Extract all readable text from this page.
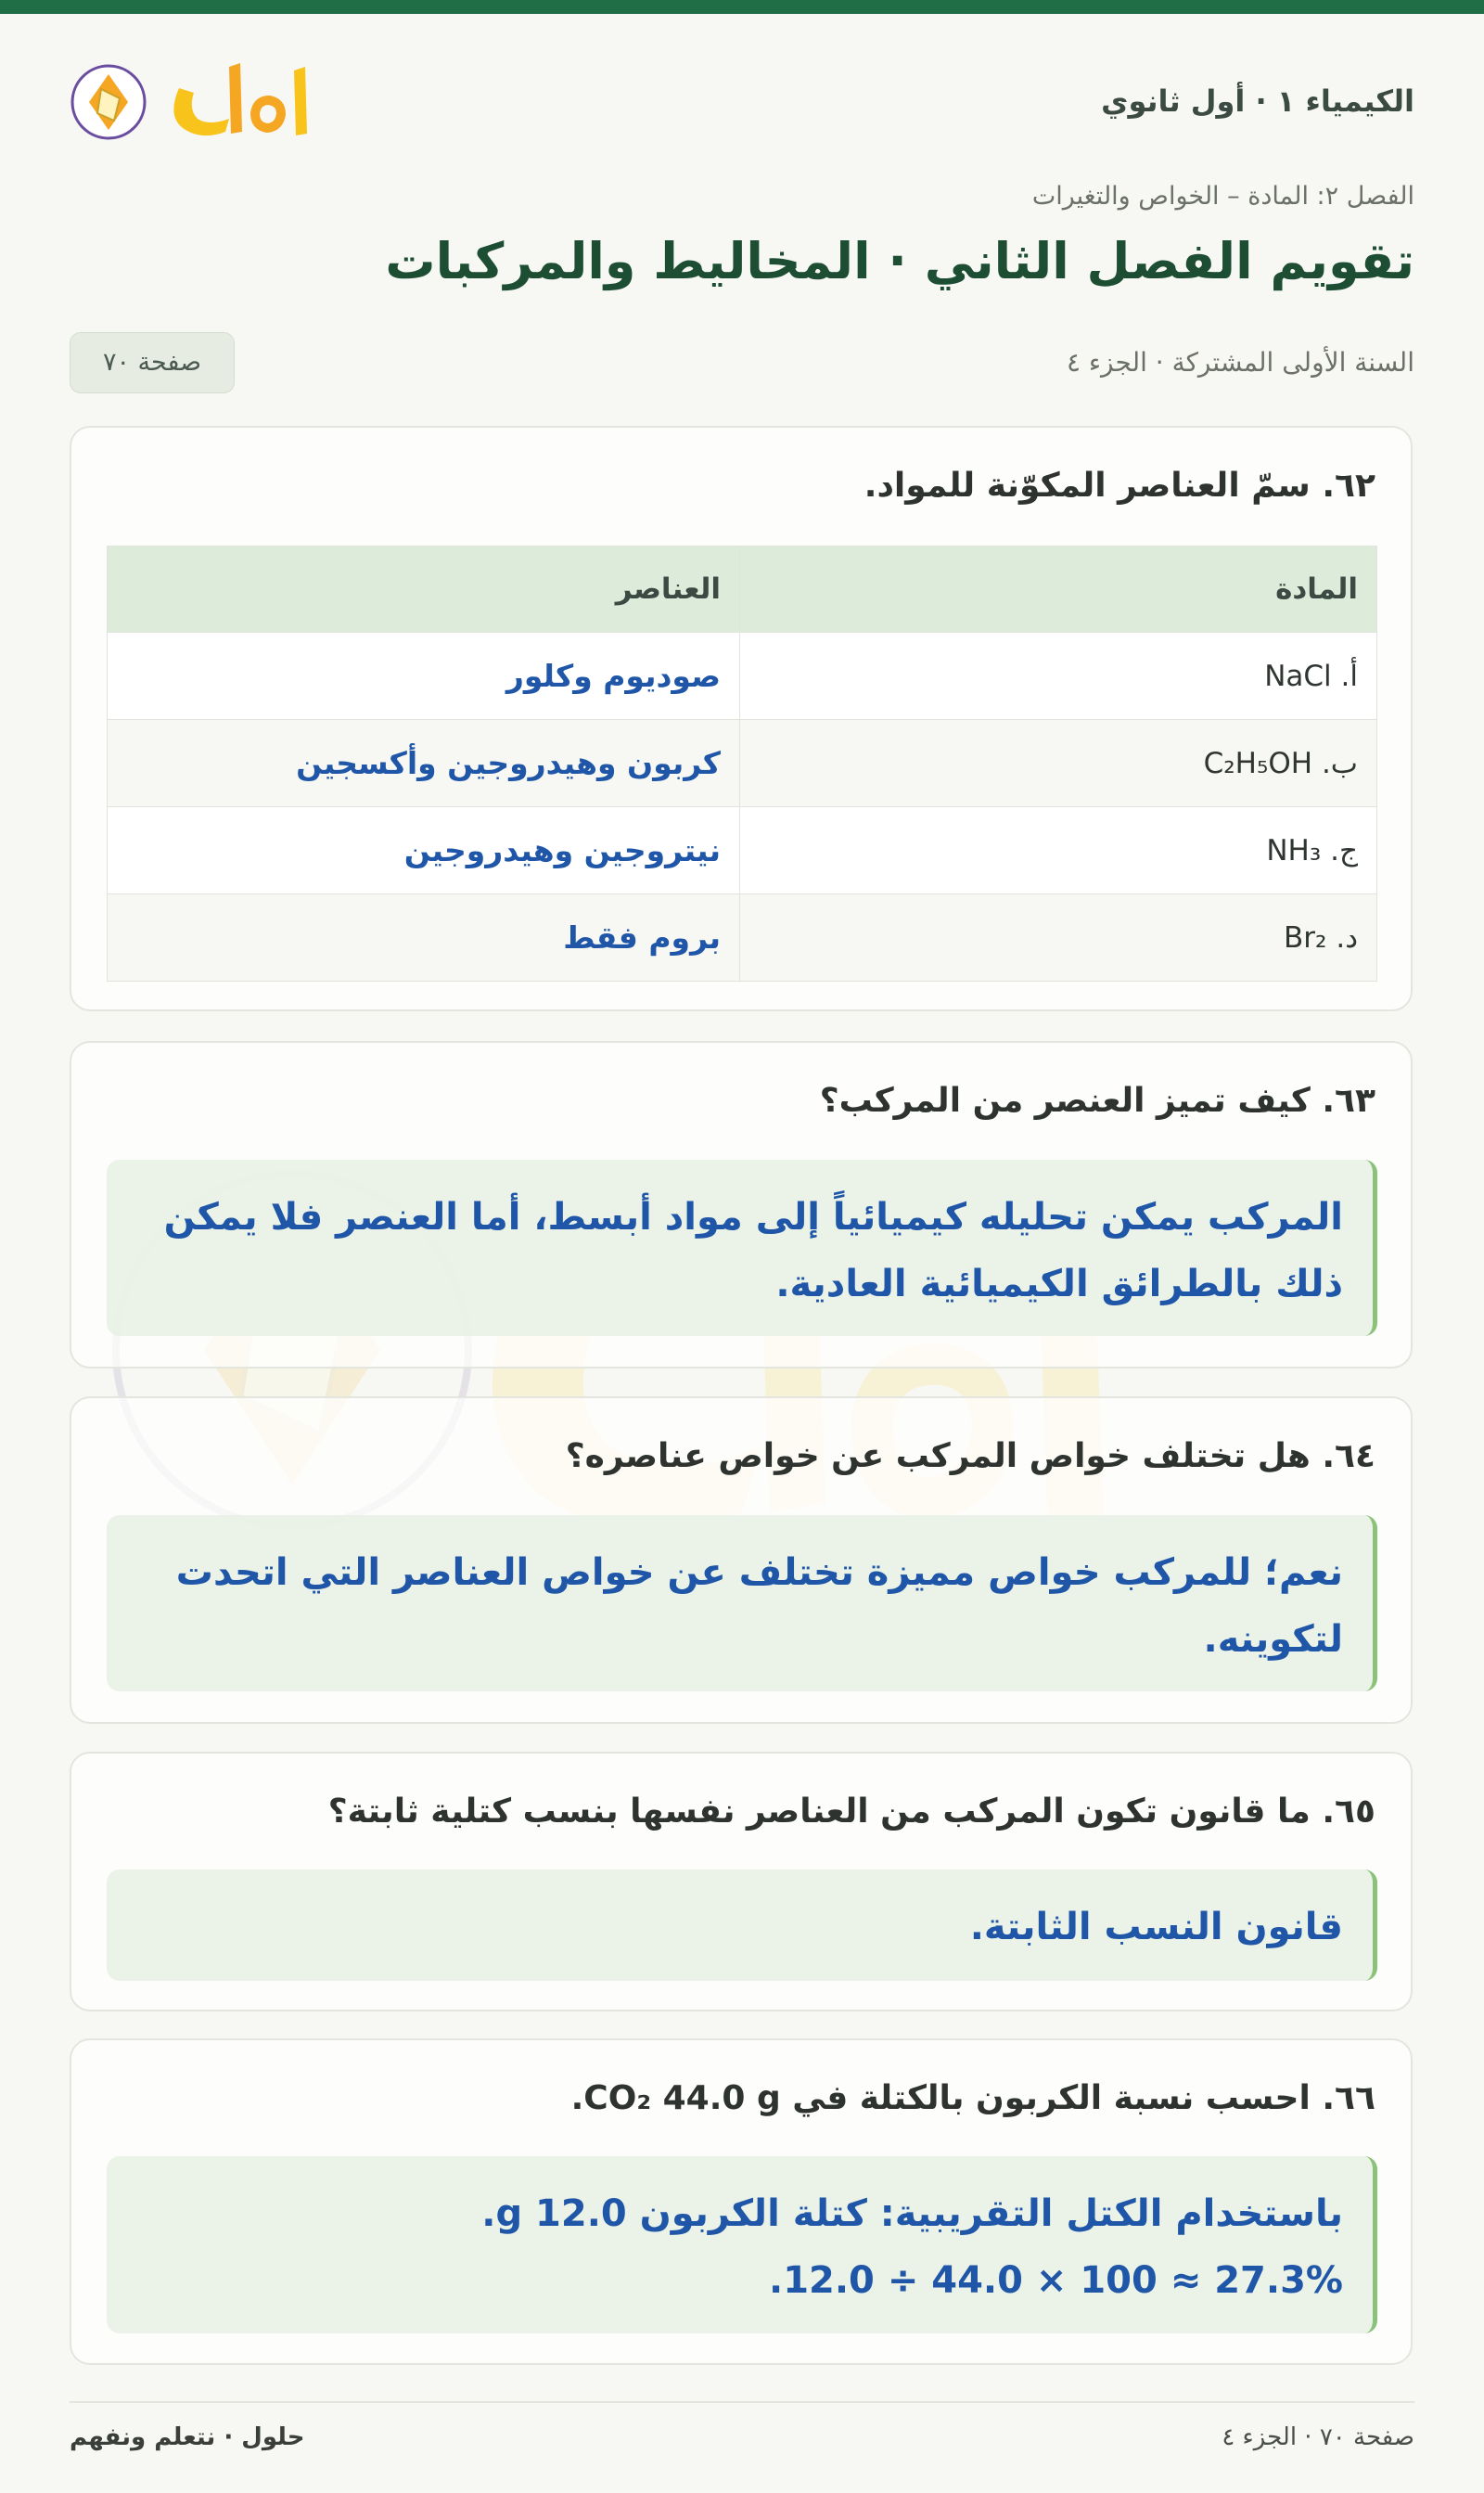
الكيمياء ١ · أول ثانوي
الفصل ٢: المادة – الخواص والتغيرات
تقويم الفصل الثاني · المخاليط والمركبات
السنة الأولى المشتركة · الجزء ٤
صفحة ٧٠
٦٢. سمّ العناصر المكوّنة للمواد.
المادة	العناصر
أ. NaCl	صوديوم وكلور
ب. C₂H₅OH	كربون وهيدروجين وأكسجين
ج. NH₃	نيتروجين وهيدروجين
د. Br₂	بروم فقط
٦٣. كيف تميز العنصر من المركب؟
المركب يمكن تحليله كيميائياً إلى مواد أبسط، أما العنصر فلا يمكن
ذلك بالطرائق الكيميائية العادية.
٦٤. هل تختلف خواص المركب عن خواص عناصره؟
نعم؛ للمركب خواص مميزة تختلف عن خواص العناصر التي اتحدت
لتكوينه.
٦٥. ما قانون تكون المركب من العناصر نفسها بنسب كتلية ثابتة؟
قانون النسب الثابتة.
٦٦. احسب نسبة الكربون بالكتلة في CO₂ 44.0 g.
باستخدام الكتل التقريبية: كتلة الكربون 12.0 g.
27.3% ≈ 100 × 44.0 ÷ 12.0.
صفحة ٧٠ · الجزء ٤
حلول · نتعلم ونفهم
